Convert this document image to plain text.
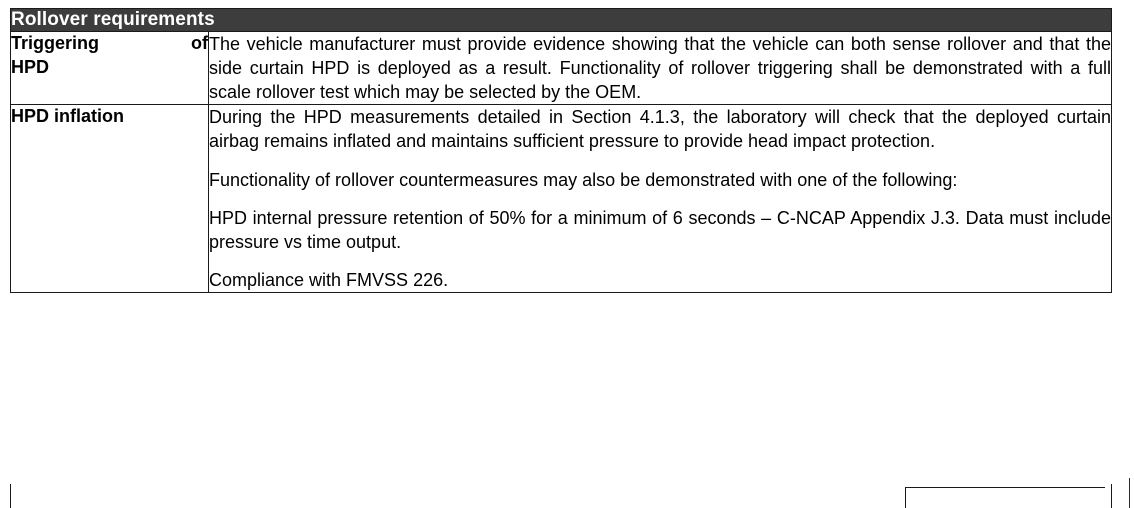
Rollover requirements	

Triggering of
HPD	The vehicle manufacturer must provide evidence showing that the vehicle can both sense rollover and that the side curtain HPD is deployed as a result. Functionality of rollover triggering shall be demonstrated with a full scale rollover test which may be selected by the OEM.

HPD inflation	During the HPD measurements detailed in Section 4.1.3, the laboratory will check that the deployed curtain airbag remains inflated and maintains sufficient pressure to provide head impact protection.

Functionality of rollover countermeasures may also be demonstrated with one of the following:

HPD internal pressure retention of 50% for a minimum of 6 seconds – C-NCAP Appendix J.3. Data must include pressure vs time output.

Compliance with FMVSS 226.
